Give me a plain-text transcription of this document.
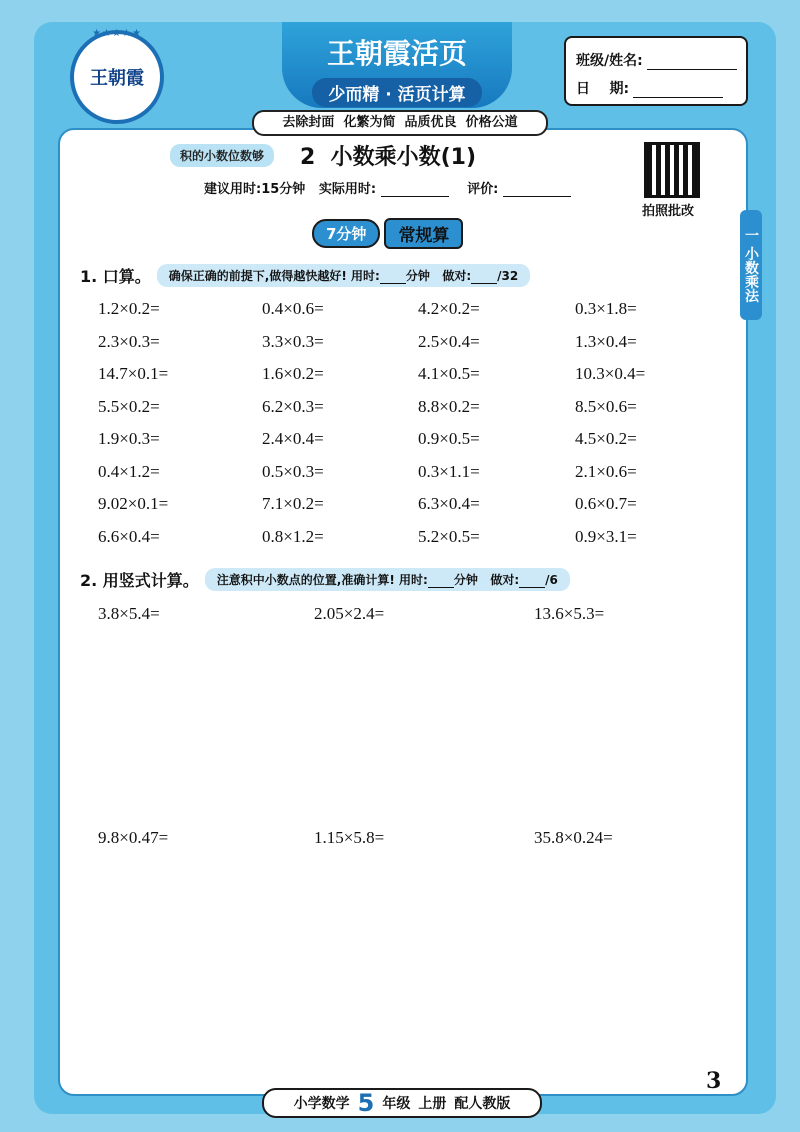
★★★★★
王朝霞
王朝霞活页
少而精 · 活页计算
班级/姓名:
日    期:
去除封面  化繁为简  品质优良  价格公道
积的小数位数够	2  小数乘小数(1)
建议用时:15分钟 实际用时:	评价:
拍照批改
一 小数乘法
7分钟	常规算
1. 口算。	确保正确的前提下,做得越快越好! 用时: 分钟   做对: /32
1.2×0.2=	0.4×0.6=	4.2×0.2=	0.3×1.8=
2.3×0.3=	3.3×0.3=	2.5×0.4=	1.3×0.4=
14.7×0.1=	1.6×0.2=	4.1×0.5=	10.3×0.4=
5.5×0.2=	6.2×0.3=	8.8×0.2=	8.5×0.6=
1.9×0.3=	2.4×0.4=	0.9×0.5=	4.5×0.2=
0.4×1.2=	0.5×0.3=	0.3×1.1=	2.1×0.6=
9.02×0.1=	7.1×0.2=	6.3×0.4=	0.6×0.7=
6.6×0.4=	0.8×1.2=	5.2×0.5=	0.9×3.1=
2. 用竖式计算。	注意积中小数点的位置,准确计算! 用时: 分钟   做对: /6
3.8×5.4=	2.05×2.4=	13.6×5.3=
9.8×0.47=	1.15×5.8=	35.8×0.24=
3
小学数学 5 年级 上册 配人教版
